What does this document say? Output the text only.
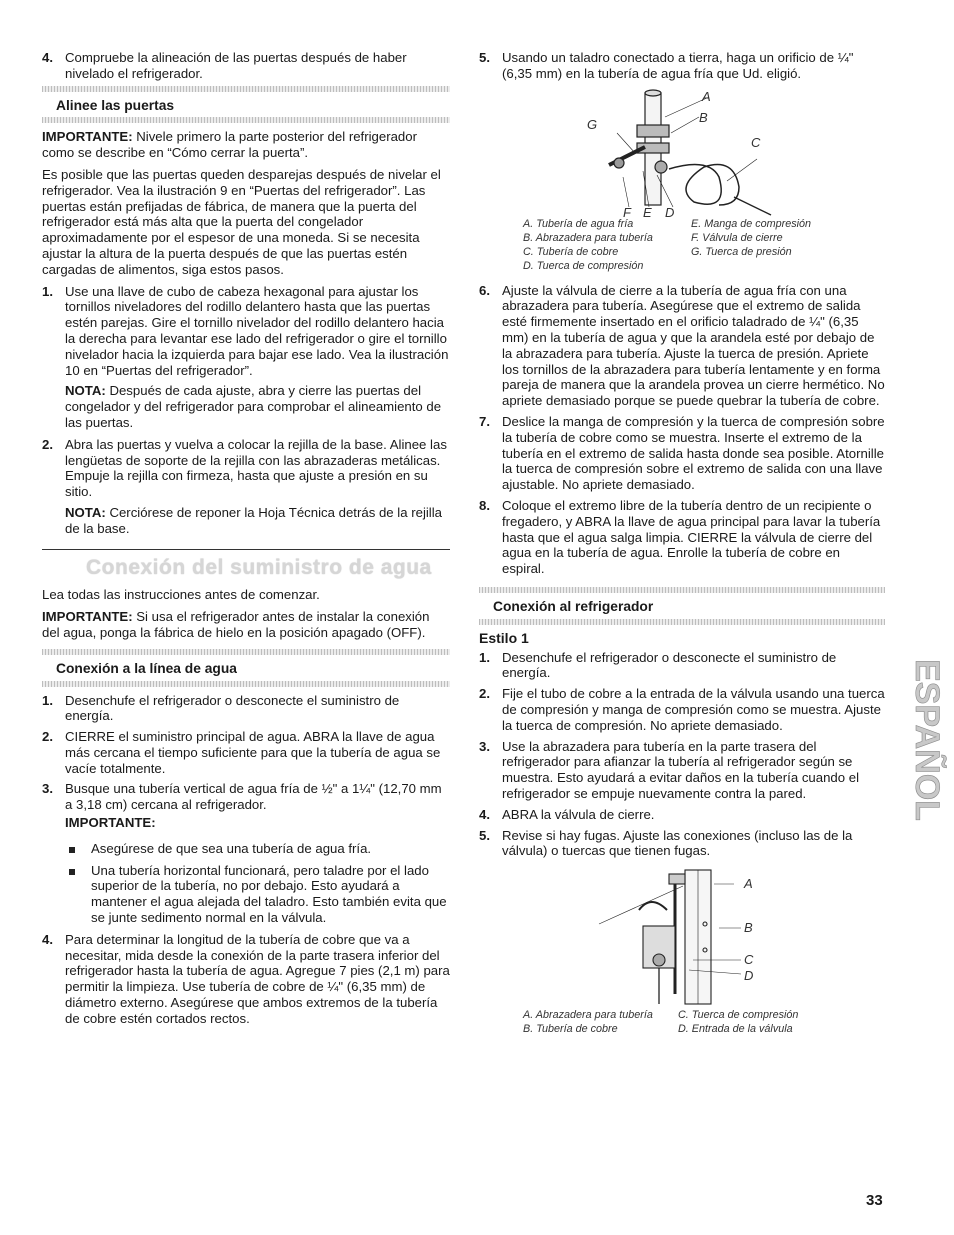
4. Compruebe la alineación de las puertas después de haber nivelado el refrigerador.
Alinee las puertas

IMPORTANTE: Nivele primero la parte posterior del refrigerador como se describe en “Cómo cerrar la puerta”.

Es posible que las puertas queden desparejas después de nivelar el refrigerador. Vea la ilustración 9 en “Puertas del refrigerador”. Las puertas están prefijadas de fábrica, de manera que la puerta del refrigerador está más alta que la puerta del congelador aproximadamente por el espesor de una moneda. Si se necesita ajustar la altura de la puerta después de que las puertas estén cargadas de alimentos, siga estos pasos.

1. Use una llave de cubo de cabeza hexagonal para ajustar los tornillos niveladores del rodillo delantero hasta que las puertas estén parejas. Gire el tornillo nivelador del rodillo delantero hacia la derecha para levantar ese lado del refrigerador o gire el tornillo nivelador hacia la izquierda para bajar ese lado. Vea la ilustración 10 en “Puertas del refrigerador”.

NOTA: Después de cada ajuste, abra y cierre las puertas del congelador y del refrigerador para comprobar el alineamiento de las puertas.

2. Abra las puertas y vuelva a colocar la rejilla de la base. Alinee las lengüetas de soporte de la rejilla con las abrazaderas metálicas. Empuje la rejilla con firmeza, hasta que ajuste a presión en su sitio.

NOTA: Cerciórese de reponer la Hoja Técnica detrás de la rejilla de la base.

Conexión del suministro de agua

Lea todas las instrucciones antes de comenzar.

IMPORTANTE: Si usa el refrigerador antes de instalar la conexión del agua, ponga la fábrica de hielo en la posición apagado (OFF).

Conexión a la línea de agua
1. Desenchufe el refrigerador o desconecte el suministro de energía.
2. CIERRE el suministro principal de agua. ABRA la llave de agua más cercana el tiempo suficiente para que la tubería de agua se vacíe totalmente.
3. Busque una tubería vertical de agua fría de ½" a 1¼" (12,70 mm a 3,18 cm) cercana al refrigerador.

IMPORTANTE:

Asegúrese de que sea una tubería de agua fría.
Una tubería horizontal funcionará, pero taladre por el lado superior de la tubería, no por debajo. Esto ayudará a mantener el agua alejada del taladro. Esto también evita que se junte sedimento normal en la válvula.
4. Para determinar la longitud de la tubería de cobre que va a necesitar, mida desde la conexión de la parte trasera inferior del refrigerador hasta la tubería de agua. Agregue 7 pies (2,1 m) para permitir la limpieza. Use tubería de cobre de ¼" (6,35 mm) de diámetro externo. Asegúrese que ambos extremos de la tubería de cobre estén cortados rectos.
5. Usando un taladro conectado a tierra, haga un orificio de ¼" (6,35 mm) en la tubería de agua fría que Ud. eligió.
A
B
C
G
F E D
A. Tubería de agua fría	E. Manga de compresión
B. Abrazadera para tubería	F. Válvula de cierre
C. Tubería de cobre	G. Tuerca de presión
D. Tuerca de compresión
6. Ajuste la válvula de cierre a la tubería de agua fría con una abrazadera para tubería. Asegúrese que el extremo de salida esté firmemente insertado en el orificio taladrado de ¼" (6,35 mm) en la tubería de agua y que la arandela esté por debajo de la abrazadera para tubería. Ajuste la tuerca de presión. Apriete los tornillos de la abrazadera para tubería lentamente y en forma pareja de manera que la arandela provea un cierre hermético. No apriete demasiado porque se puede quebrar la tubería de cobre.
7. Deslice la manga de compresión y la tuerca de compresión sobre la tubería de cobre como se muestra. Inserte el extremo de la tubería en el extremo de salida hasta donde sea posible. Atornille la tuerca de compresión sobre el extremo de salida con una llave ajustable. No apriete demasiado.
8. Coloque el extremo libre de la tubería dentro de un recipiente o fregadero, y ABRA la llave de agua principal para lavar la tubería hasta que el agua salga limpia. CIERRE la válvula de cierre del agua en la tubería de agua. Enrolle la tubería de cobre en espiral.
Conexión al refrigerador
Estilo 1
1. Desenchufe el refrigerador o desconecte el suministro de energía.
2. Fije el tubo de cobre a la entrada de la válvula usando una tuerca de compresión y manga de compresión como se muestra. Ajuste la tuerca de compresión. No apriete demasiado.
3. Use la abrazadera para tubería en la parte trasera del refrigerador para afianzar la tubería al refrigerador según se muestra. Esto ayudará a evitar daños en la tubería cuando el refrigerador se empuje nuevamente contra la pared.
4. ABRA la válvula de cierre.
5. Revise si hay fugas. Ajuste las conexiones (incluso las de la válvula) o tuercas que tienen fugas.
A
B
C
D
A. Abrazadera para tubería	C. Tuerca de compresión
B. Tubería de cobre	D. Entrada de la válvula
ESPAÑOL
33
